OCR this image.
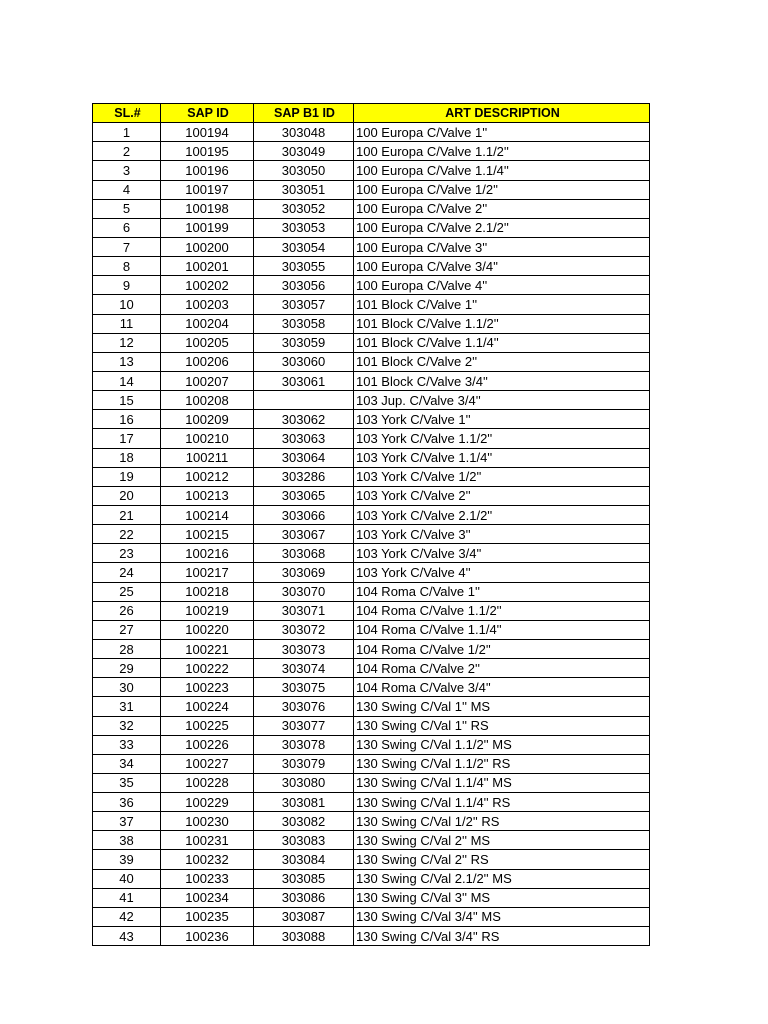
SL.#	SAP ID	SAP B1 ID	ART DESCRIPTION
1	100194	303048	100 Europa C/Valve 1''
2	100195	303049	100 Europa C/Valve 1.1/2''
3	100196	303050	100 Europa C/Valve 1.1/4''
4	100197	303051	100 Europa C/Valve 1/2''
5	100198	303052	100 Europa C/Valve 2''
6	100199	303053	100 Europa C/Valve 2.1/2''
7	100200	303054	100 Europa C/Valve 3''
8	100201	303055	100 Europa C/Valve 3/4''
9	100202	303056	100 Europa C/Valve 4''
10	100203	303057	101 Block C/Valve 1''
11	100204	303058	101 Block C/Valve 1.1/2''
12	100205	303059	101 Block C/Valve 1.1/4''
13	100206	303060	101 Block C/Valve 2''
14	100207	303061	101 Block C/Valve 3/4''
15	100208		103 Jup. C/Valve 3/4''
16	100209	303062	103 York C/Valve 1''
17	100210	303063	103 York C/Valve 1.1/2''
18	100211	303064	103 York C/Valve 1.1/4''
19	100212	303286	103 York C/Valve 1/2''
20	100213	303065	103 York C/Valve 2''
21	100214	303066	103 York C/Valve 2.1/2''
22	100215	303067	103 York C/Valve 3''
23	100216	303068	103 York C/Valve 3/4''
24	100217	303069	103 York C/Valve 4''
25	100218	303070	104 Roma C/Valve 1''
26	100219	303071	104 Roma C/Valve 1.1/2''
27	100220	303072	104 Roma C/Valve 1.1/4''
28	100221	303073	104 Roma C/Valve 1/2''
29	100222	303074	104 Roma C/Valve 2''
30	100223	303075	104 Roma C/Valve 3/4''
31	100224	303076	130 Swing C/Val 1'' MS
32	100225	303077	130 Swing C/Val 1'' RS
33	100226	303078	130 Swing C/Val 1.1/2'' MS
34	100227	303079	130 Swing C/Val 1.1/2'' RS
35	100228	303080	130 Swing C/Val 1.1/4'' MS
36	100229	303081	130 Swing C/Val 1.1/4'' RS
37	100230	303082	130 Swing C/Val 1/2'' RS
38	100231	303083	130 Swing C/Val 2'' MS
39	100232	303084	130 Swing C/Val 2'' RS
40	100233	303085	130 Swing C/Val 2.1/2'' MS
41	100234	303086	130 Swing C/Val 3'' MS
42	100235	303087	130 Swing C/Val 3/4'' MS
43	100236	303088	130 Swing C/Val 3/4'' RS
